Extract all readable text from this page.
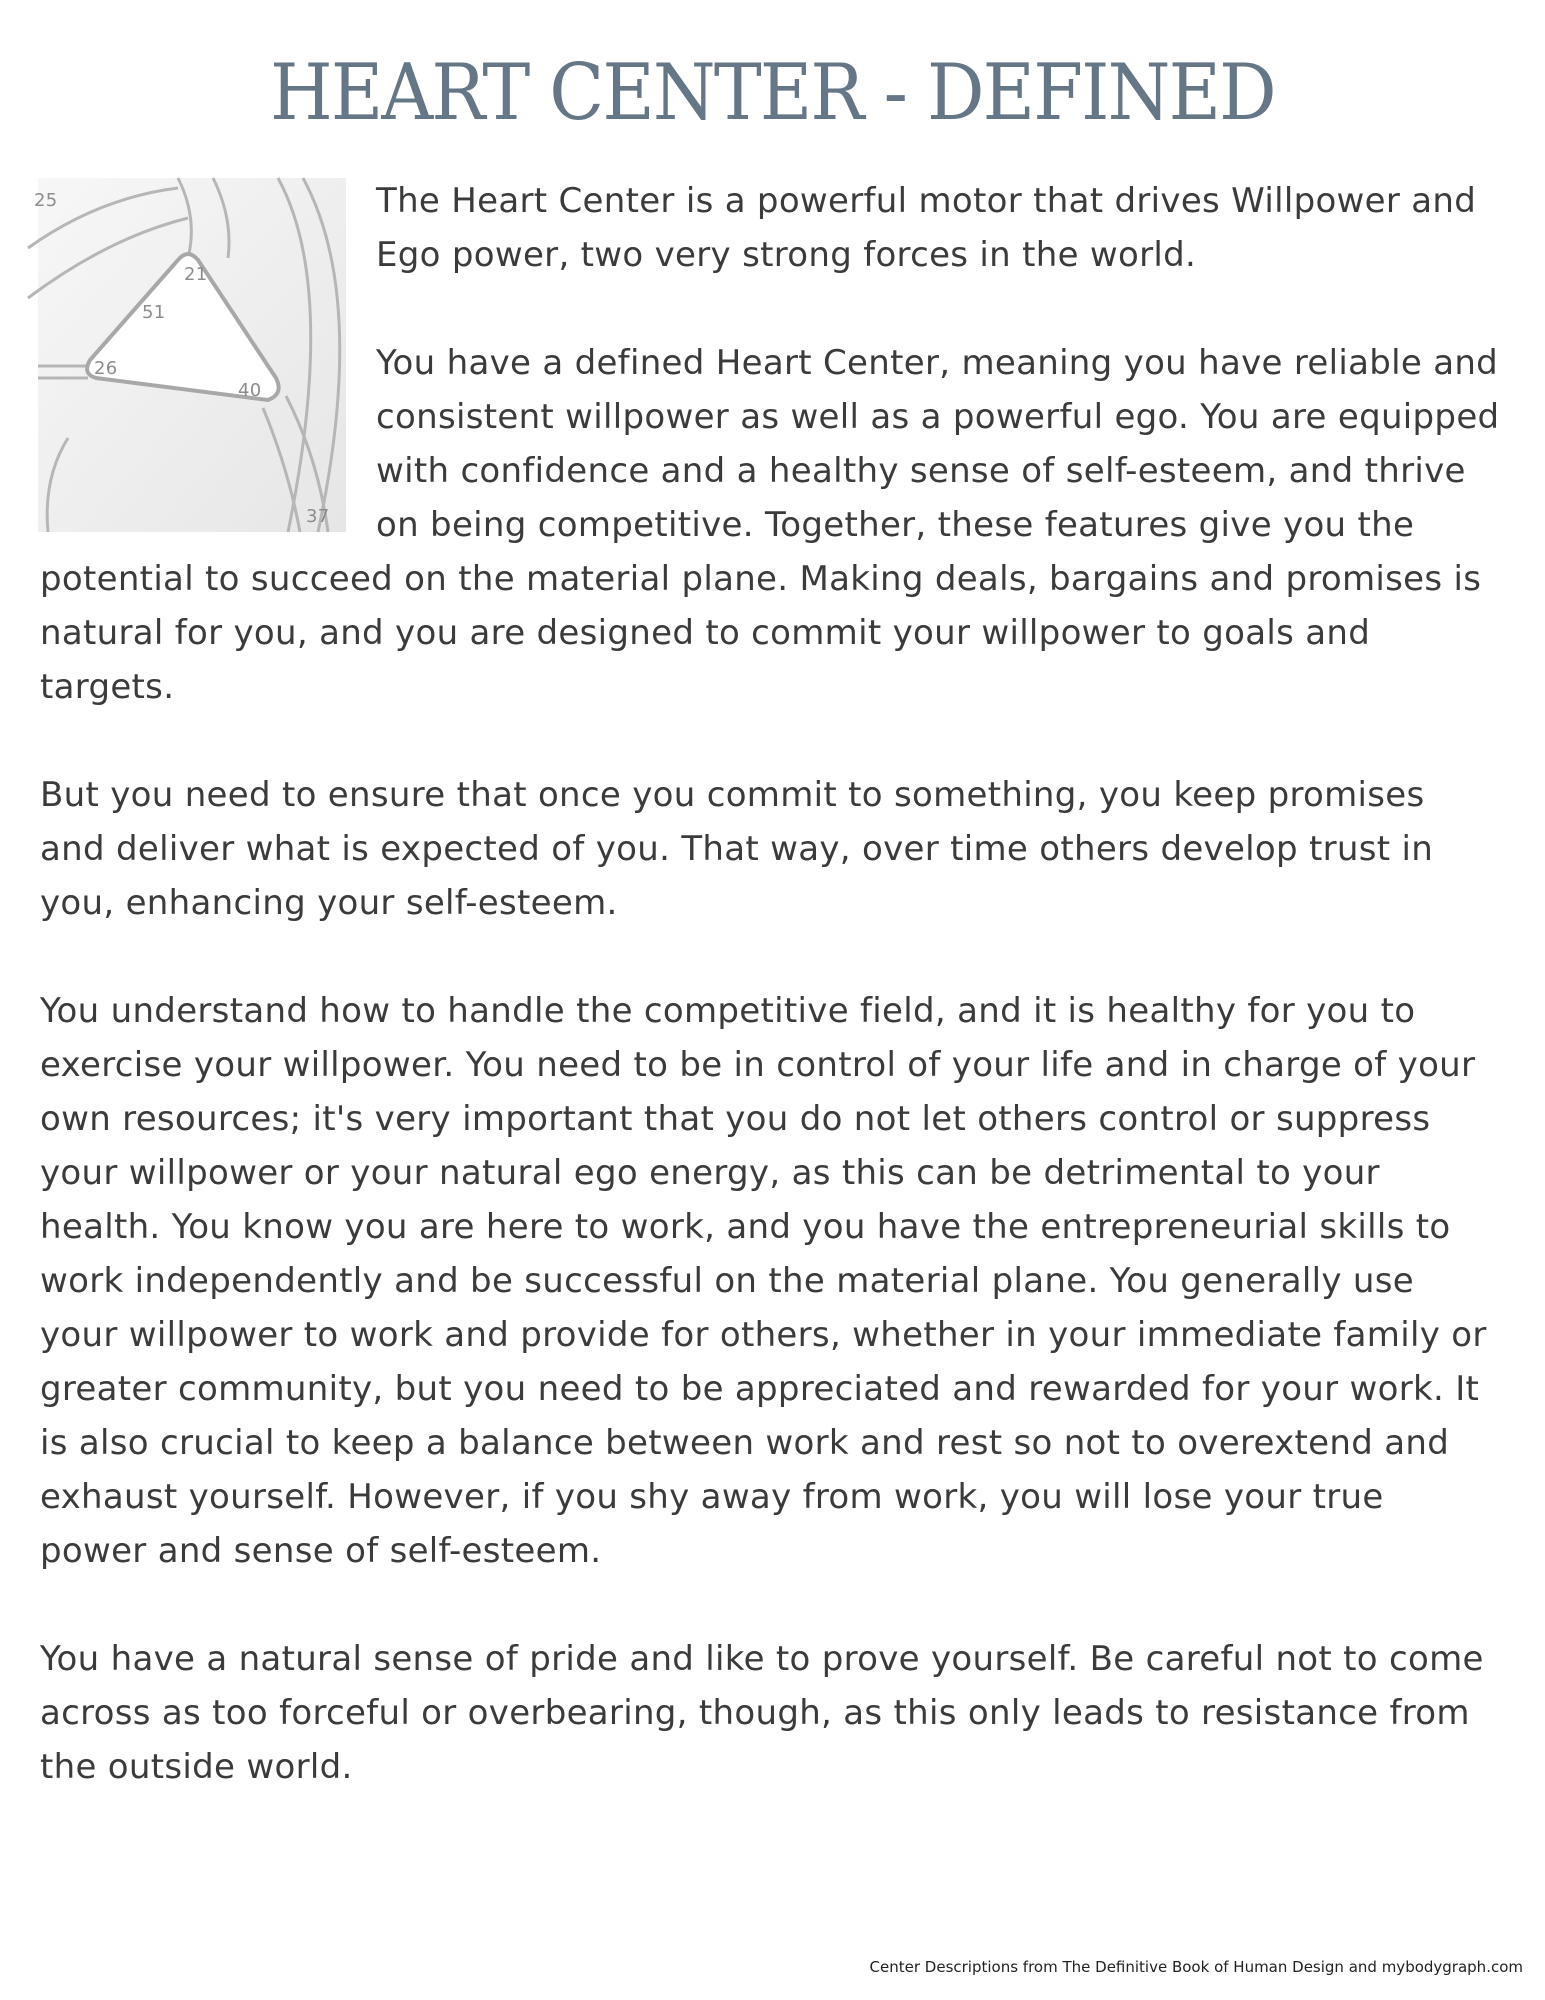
HEART CENTER - DEFINED

25
21
51
26
40
37
The Heart Center is a powerful motor that drives Willpower and Ego power, two very strong forces in the world.

You have a defined Heart Center, meaning you have reliable and consistent willpower as well as a powerful ego. You are equipped with confidence and a healthy sense of self-esteem, and thrive on being competitive. Together, these features give you the potential to succeed on the material plane. Making deals, bargains and promises is natural for you, and you are designed to commit your willpower to goals and targets.

But you need to ensure that once you commit to something, you keep promises and deliver what is expected of you. That way, over time others develop trust in you, enhancing your self-esteem.

You understand how to handle the competitive field, and it is healthy for you to exercise your willpower. You need to be in control of your life and in charge of your own resources; it's very important that you do not let others control or suppress your willpower or your natural ego energy, as this can be detrimental to your health. You know you are here to work, and you have the entrepreneurial skills to work independently and be successful on the material plane. You generally use your willpower to work and provide for others, whether in your immediate family or greater community, but you need to be appreciated and rewarded for your work. It is also crucial to keep a balance between work and rest so not to overextend and exhaust yourself. However, if you shy away from work, you will lose your true power and sense of self-esteem.

You have a natural sense of pride and like to prove yourself. Be careful not to come across as too forceful or overbearing, though, as this only leads to resistance from the outside world.

Center Descriptions from The Definitive Book of Human Design and mybodygraph.com
